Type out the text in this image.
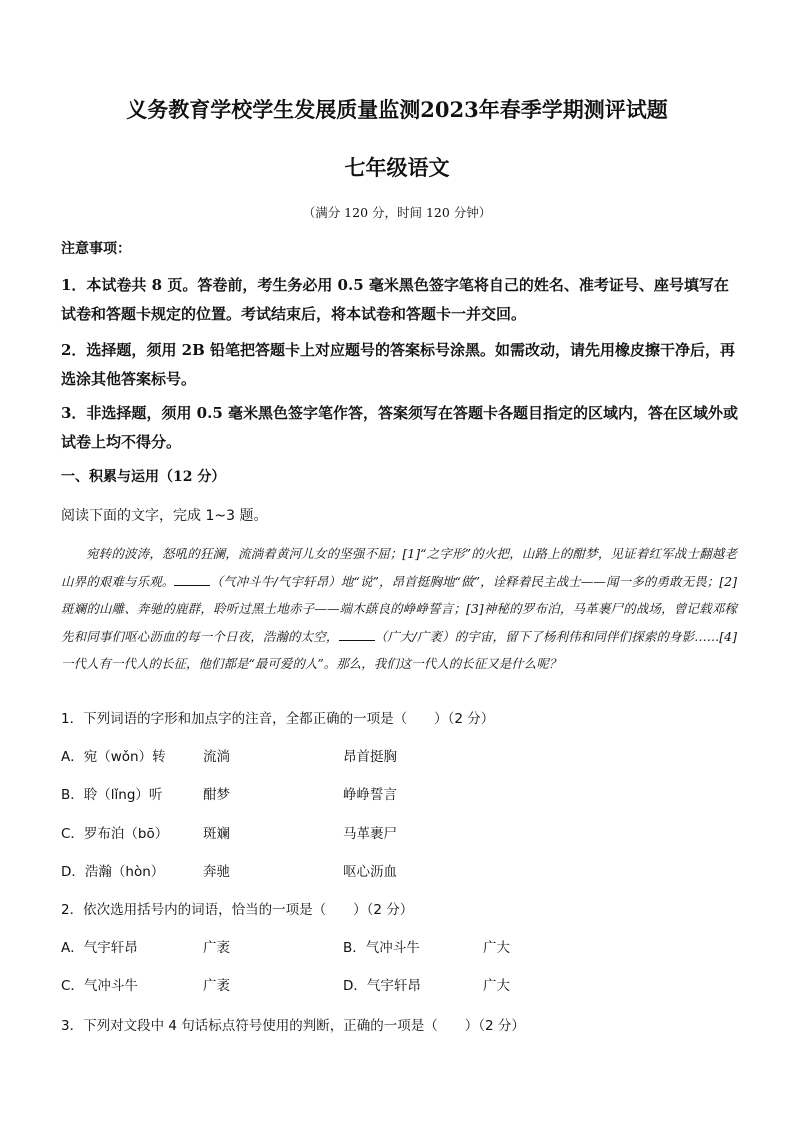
义务教育学校学生发展质量监测2023年春季学期测评试题
七年级语文
（满分 120 分，时间 120 分钟）
注意事项：
1．本试卷共 8 页。答卷前，考生务必用 0.5 毫米黑色签字笔将自己的姓名、准考证号、座号填写在试卷和答题卡规定的位置。考试结束后，将本试卷和答题卡一并交回。
2．选择题，须用 2B 铅笔把答题卡上对应题号的答案标号涂黑。如需改动，请先用橡皮擦干净后，再选涂其他答案标号。
3．非选择题，须用 0.5 毫米黑色签字笔作答，答案须写在答题卡各题目指定的区域内，答在区域外或试卷上均不得分。
一、积累与运用（12 分）
阅读下面的文字，完成 1~3 题。
宛转的波涛，怒吼的狂澜，流淌着黄河儿女的坚强不屈；[1]“之字形”的火把，山路上的酣梦，见证着红军战士翻越老山界的艰难与乐观。	（气冲斗牛/气宇轩昂）地“说”，昂首挺胸地“做”，诠释着民主战士——闻一多的勇敢无畏；[2]斑斓的山雕、奔驰的鹿群，聆听过黑土地赤子——端木蕻良的峥峥誓言；[3]神秘的罗布泊，马革裹尸的战场，曾记载邓稼先和同事们呕心沥血的每一个日夜，浩瀚的太空，	（广大/广袤）的宇宙，留下了杨利伟和同伴们探索的身影……[4]一代人有一代人的长征，他们都是“最可爱的人”。那么，我们这一代人的长征又是什么呢？
1．下列词语的字形和加点字的注音，全都正确的一项是（　　）（2 分）
A．宛（wǒn）转	流淌	昂首挺胸
B．聆（lǐng）听	酣梦	峥峥誓言
C．罗布泊（bō）	斑斓	马革裹尸
D．浩瀚（hòn）	奔驰	呕心沥血
2．依次选用括号内的词语，恰当的一项是（　　）（2 分）
A．气宇轩昂	广袤	B．气冲斗牛	广大
C．气冲斗牛	广袤	D．气宇轩昂	广大
3．下列对文段中 4 句话标点符号使用的判断，正确的一项是（　　）（2 分）
